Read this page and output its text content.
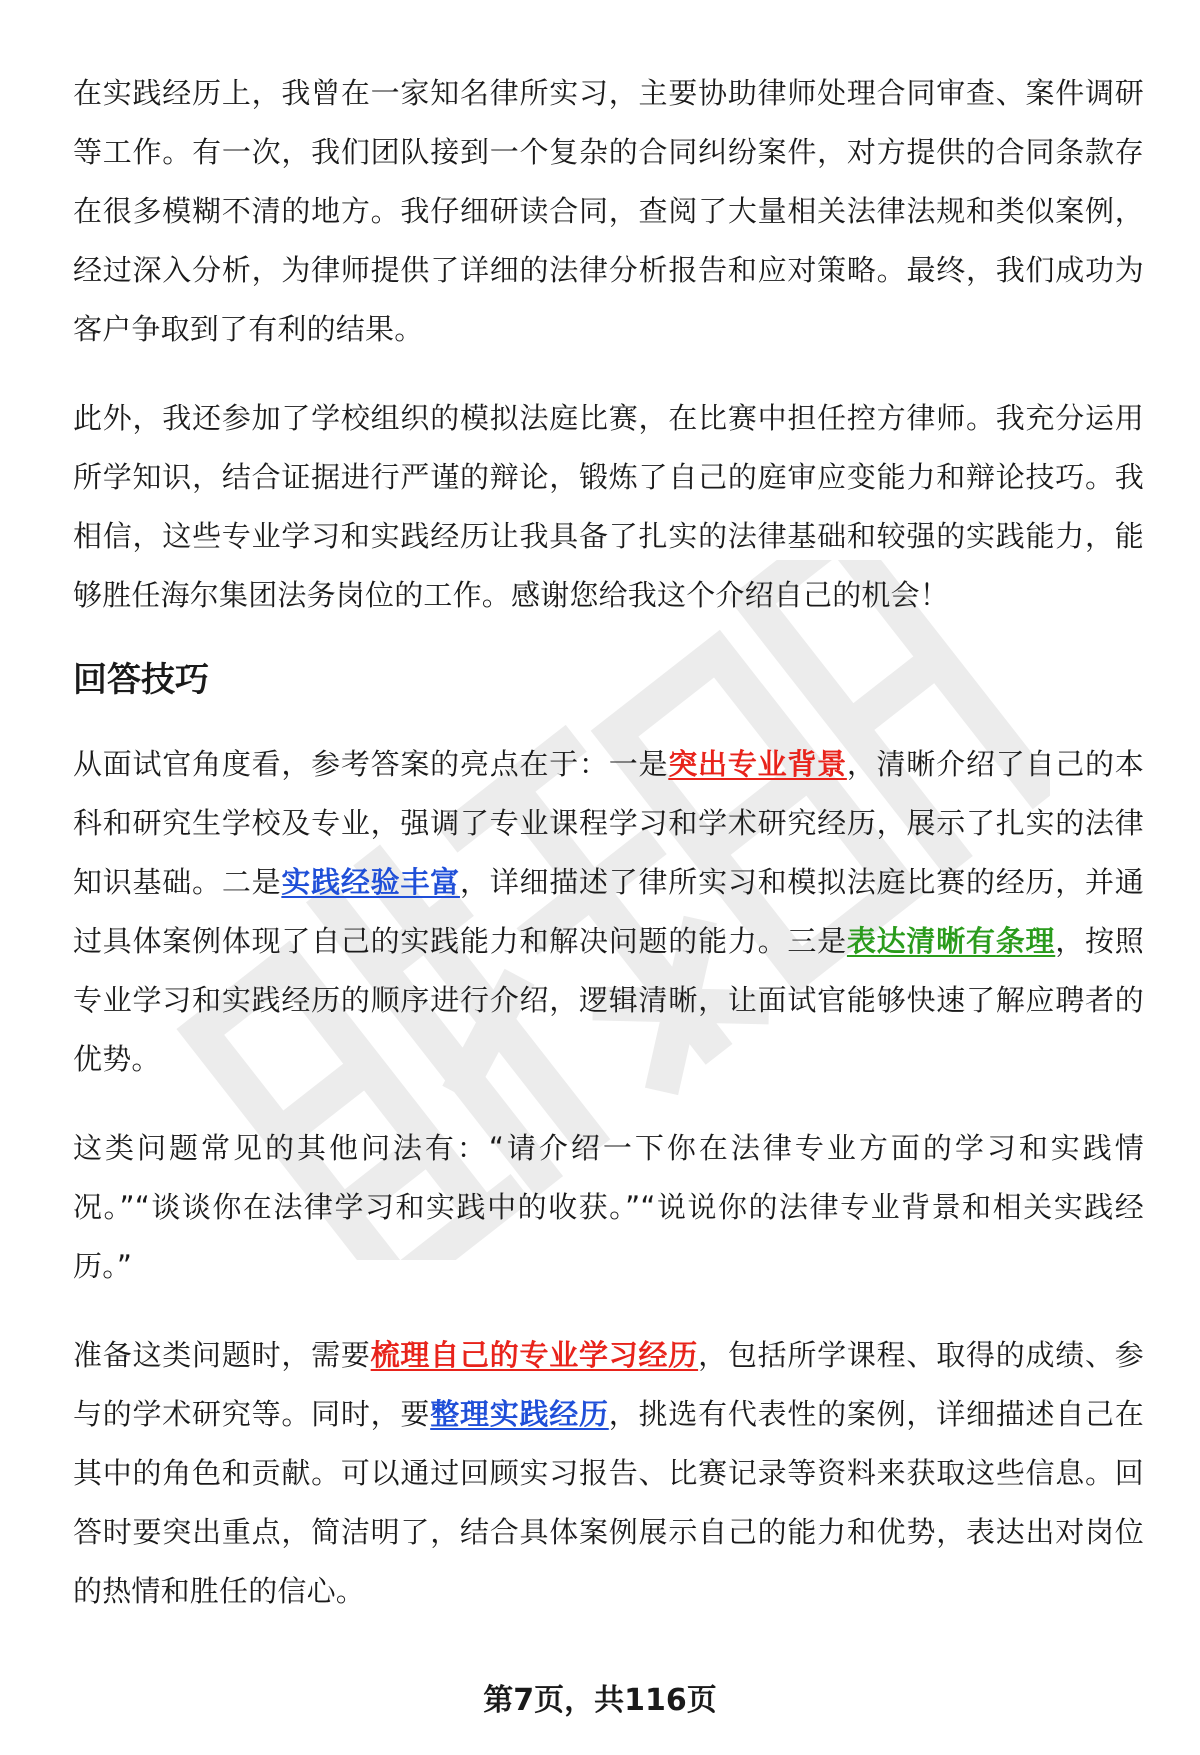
在实践经历上，我曾在一家知名律所实习，主要协助律师处理合同审查、案件调研等工作。有一次，我们团队接到一个复杂的合同纠纷案件，对方提供的合同条款存在很多模糊不清的地方。我仔细研读合同，查阅了大量相关法律法规和类似案例，经过深入分析，为律师提供了详细的法律分析报告和应对策略。最终，我们成功为客户争取到了有利的结果。

此外，我还参加了学校组织的模拟法庭比赛，在比赛中担任控方律师。我充分运用所学知识，结合证据进行严谨的辩论，锻炼了自己的庭审应变能力和辩论技巧。我相信，这些专业学习和实践经历让我具备了扎实的法律基础和较强的实践能力，能够胜任海尔集团法务岗位的工作。感谢您给我这个介绍自己的机会！

回答技巧

从面试官角度看，参考答案的亮点在于：一是突出专业背景，清晰介绍了自己的本科和研究生学校及专业，强调了专业课程学习和学术研究经历，展示了扎实的法律知识基础。二是实践经验丰富，详细描述了律所实习和模拟法庭比赛的经历，并通过具体案例体现了自己的实践能力和解决问题的能力。三是表达清晰有条理，按照专业学习和实践经历的顺序进行介绍，逻辑清晰，让面试官能够快速了解应聘者的优势。

这类问题常见的其他问法有：“请介绍一下你在法律专业方面的学习和实践情况。”“谈谈你在法律学习和实践中的收获。”“说说你的法律专业背景和相关实践经历。”

准备这类问题时，需要梳理自己的专业学习经历，包括所学课程、取得的成绩、参与的学术研究等。同时，要整理实践经历，挑选有代表性的案例，详细描述自己在其中的角色和贡献。可以通过回顾实习报告、比赛记录等资料来获取这些信息。回答时要突出重点，简洁明了，结合具体案例展示自己的能力和优势，表达出对岗位的热情和胜任的信心。

第7页，共116页
